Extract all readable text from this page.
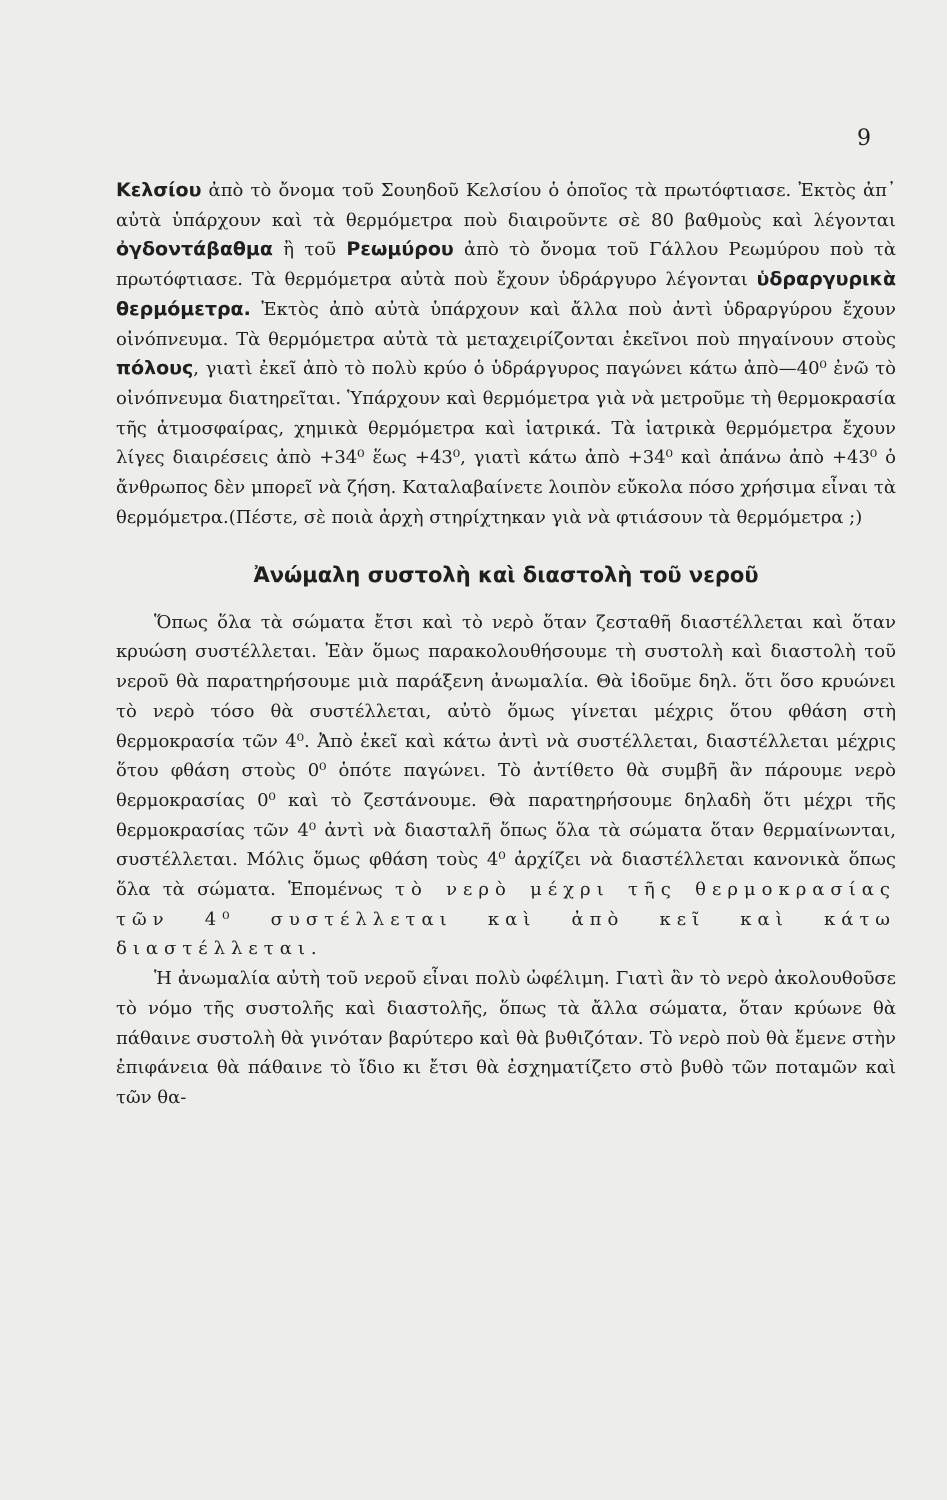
9

Κελσίου ἀπὸ τὸ ὄνομα τοῦ Σουηδοῦ Κελσίου ὁ ὁποῖος τὰ πρωτόφτιασε. Ἐκτὸς ἀπ᾿ αὐτὰ ὑπάρχουν καὶ τὰ θερμόμετρα ποὺ διαιροῦντε σὲ 80 βαθμοὺς καὶ λέγονται ὀγδοντάβαθμα ἢ τοῦ Ρεωμύρου ἀπὸ τὸ ὄνομα τοῦ Γάλλου Ρεωμύρου ποὺ τὰ πρωτόφτιασε. Τὰ θερμόμετρα αὐτὰ ποὺ ἔχουν ὑδράργυρο λέγονται ὑδραργυρικὰ θερμόμετρα. Ἐκτὸς ἀπὸ αὐτὰ ὑπάρχουν καὶ ἄλλα ποὺ ἀντὶ ὑδραργύρου ἔχουν οἰνόπνευμα. Τὰ θερμόμετρα αὐτὰ τὰ μεταχειρίζονται ἐκεῖνοι ποὺ πηγαίνουν στοὺς πόλους, γιατὶ ἐκεῖ ἀπὸ τὸ πολὺ κρύο ὁ ὑδράργυρος παγώνει κάτω ἀπὸ—40⁰ ἐνῶ τὸ οἰνόπνευμα διατηρεῖται. Ὑπάρχουν καὶ θερμόμετρα γιὰ νὰ μετροῦμε τὴ θερμοκρασία τῆς ἀτμοσφαίρας, χημικὰ θερμόμετρα καὶ ἰατρικά. Τὰ ἰατρικὰ θερμόμετρα ἔχουν λίγες διαιρέσεις ἀπὸ +34⁰ ἕως +43⁰, γιατὶ κάτω ἀπὸ +34⁰ καὶ ἀπάνω ἀπὸ +43⁰ ὁ ἄνθρωπος δὲν μπορεῖ νὰ ζήση. Καταλαβαίνετε λοιπὸν εὔκολα πόσο χρήσιμα εἶναι τὰ θερμόμετρα.(Πέστε, σὲ ποιὰ ἀρχὴ στηρίχτηκαν γιὰ νὰ φτιάσουν τὰ θερμόμετρα ;)

Ἀνώμαλη συστολὴ καὶ διαστολὴ τοῦ νεροῦ

Ὅπως ὅλα τὰ σώματα ἔτσι καὶ τὸ νερὸ ὅταν ζεσταθῆ διαστέλλεται καὶ ὅταν κρυώση συστέλλεται. Ἐὰν ὅμως παρακολουθήσουμε τὴ συστολὴ καὶ διαστολὴ τοῦ νεροῦ θὰ παρατηρήσουμε μιὰ παράξενη ἀνωμαλία. Θὰ ἰδοῦμε δηλ. ὅτι ὅσο κρυώνει τὸ νερὸ τόσο θὰ συστέλλεται, αὐτὸ ὅμως γίνεται μέχρις ὅτου φθάση στὴ θερμοκρασία τῶν 4⁰. Ἀπὸ ἐκεῖ καὶ κάτω ἀντὶ νὰ συστέλλεται, διαστέλλεται μέχρις ὅτου φθάση στοὺς 0⁰ ὁπότε παγώνει. Τὸ ἀντίθετο θὰ συμβῆ ἂν πάρουμε νερὸ θερμοκρασίας 0⁰ καὶ τὸ ζεστάνουμε. Θὰ παρατηρήσουμε δηλαδὴ ὅτι μέχρι τῆς θερμοκρασίας τῶν 4⁰ ἀντὶ νὰ διασταλῆ ὅπως ὅλα τὰ σώματα ὅταν θερμαίνωνται, συστέλλεται. Μόλις ὅμως φθάση τοὺς 4⁰ ἀρχίζει νὰ διαστέλλεται κανονικὰ ὅπως ὅλα τὰ σώματα. Ἑπομένως τὸ νερὸ μέχρι τῆς θερμοκρασίας τῶν 4⁰ συστέλλεται καὶ ἀπὸ κεῖ καὶ κάτω διαστέλλεται.

Ἡ ἀνωμαλία αὐτὴ τοῦ νεροῦ εἶναι πολὺ ὠφέλιμη. Γιατὶ ἂν τὸ νερὸ ἀκολουθοῦσε τὸ νόμο τῆς συστολῆς καὶ διαστολῆς, ὅπως τὰ ἄλλα σώματα, ὅταν κρύωνε θὰ πάθαινε συστολὴ θὰ γινόταν βαρύτερο καὶ θὰ βυθιζόταν. Τὸ νερὸ ποὺ θὰ ἔμενε στὴν ἐπιφάνεια θὰ πάθαινε τὸ ἴδιο κι ἔτσι θὰ ἐσχηματίζετο στὸ βυθὸ τῶν ποταμῶν καὶ τῶν θα-
